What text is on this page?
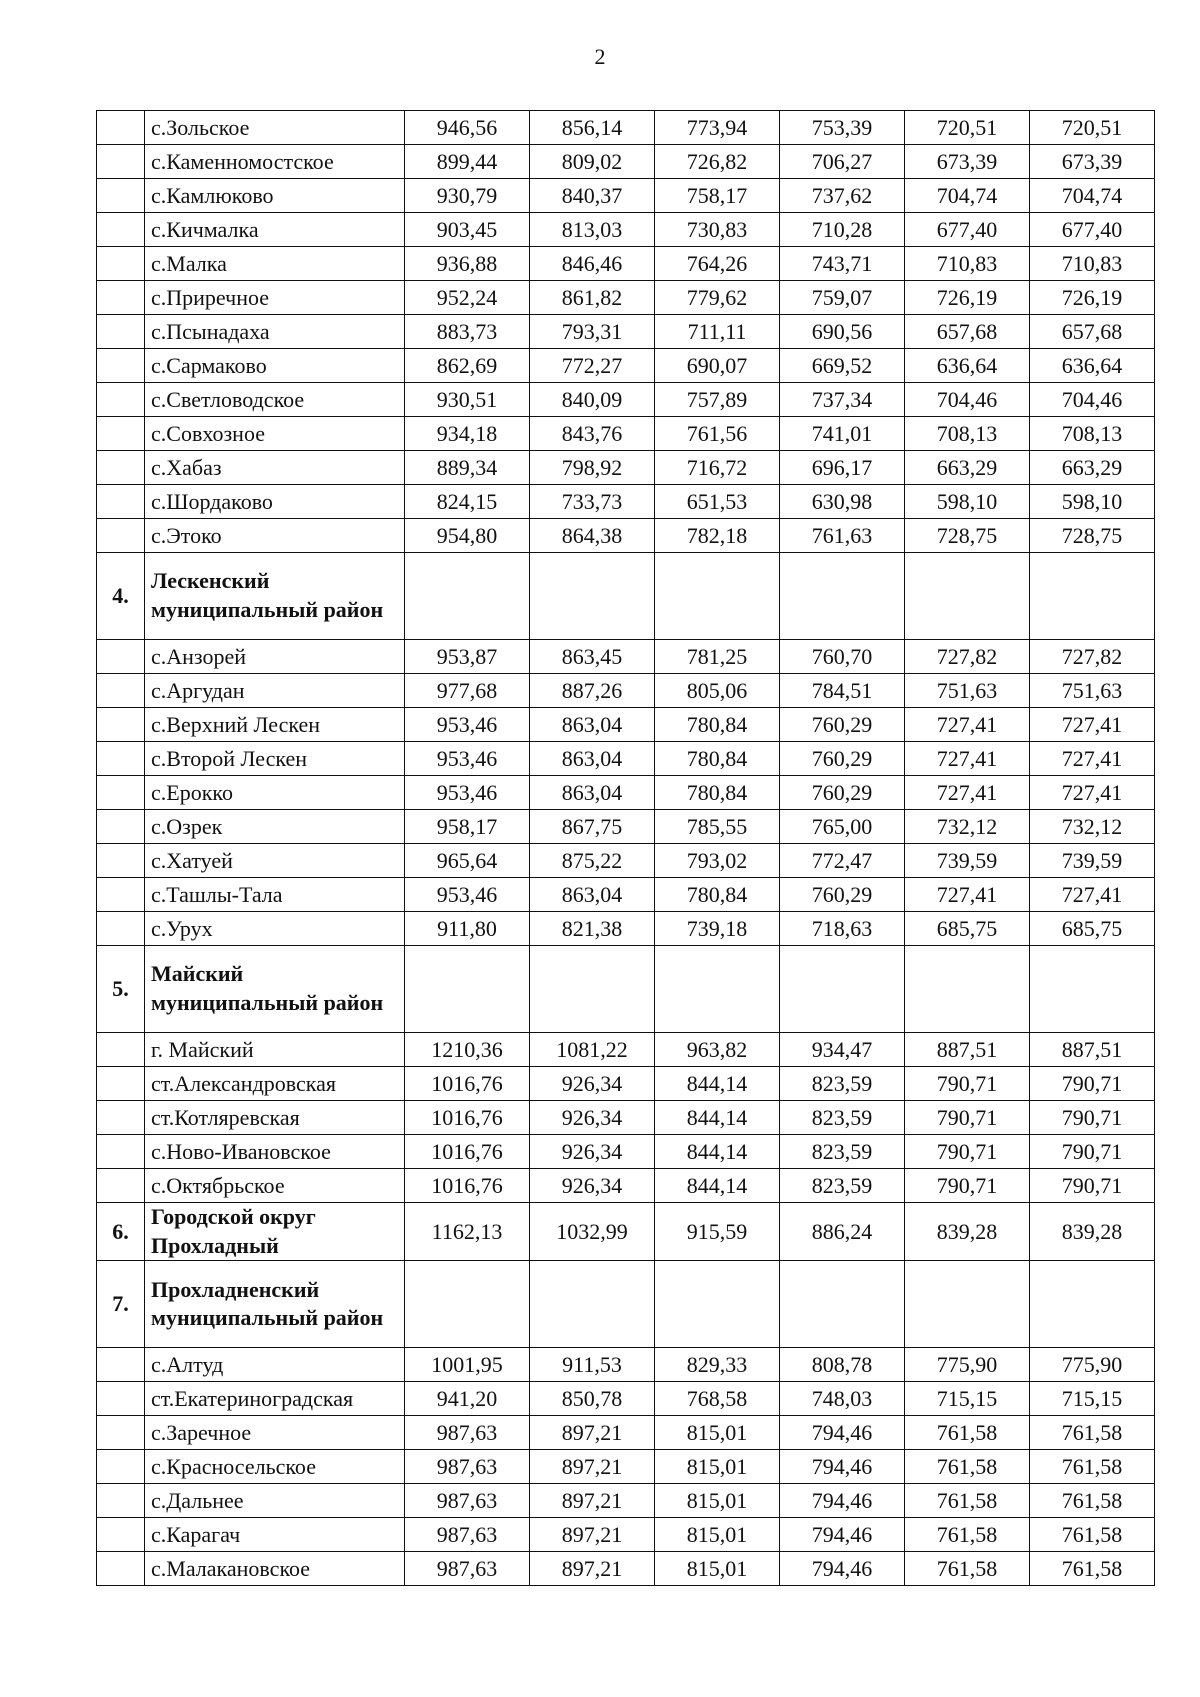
2
	с.Зольское	946,56	856,14	773,94	753,39	720,51	720,51
	с.Каменномостское	899,44	809,02	726,82	706,27	673,39	673,39
	с.Камлюково	930,79	840,37	758,17	737,62	704,74	704,74
	с.Кичмалка	903,45	813,03	730,83	710,28	677,40	677,40
	с.Малка	936,88	846,46	764,26	743,71	710,83	710,83
	с.Приречное	952,24	861,82	779,62	759,07	726,19	726,19
	с.Псынадаха	883,73	793,31	711,11	690,56	657,68	657,68
	с.Сармаково	862,69	772,27	690,07	669,52	636,64	636,64
	с.Светловодское	930,51	840,09	757,89	737,34	704,46	704,46
	с.Совхозное	934,18	843,76	761,56	741,01	708,13	708,13
	с.Хабаз	889,34	798,92	716,72	696,17	663,29	663,29
	с.Шордаково	824,15	733,73	651,53	630,98	598,10	598,10
	с.Этоко	954,80	864,38	782,18	761,63	728,75	728,75
4.	Лескенский муниципальный район						
	с.Анзорей	953,87	863,45	781,25	760,70	727,82	727,82
	с.Аргудан	977,68	887,26	805,06	784,51	751,63	751,63
	с.Верхний Лескен	953,46	863,04	780,84	760,29	727,41	727,41
	с.Второй Лескен	953,46	863,04	780,84	760,29	727,41	727,41
	с.Ерокко	953,46	863,04	780,84	760,29	727,41	727,41
	с.Озрек	958,17	867,75	785,55	765,00	732,12	732,12
	с.Хатуей	965,64	875,22	793,02	772,47	739,59	739,59
	с.Ташлы-Тала	953,46	863,04	780,84	760,29	727,41	727,41
	с.Урух	911,80	821,38	739,18	718,63	685,75	685,75
5.	Майский муниципальный район						
	г. Майский	1210,36	1081,22	963,82	934,47	887,51	887,51
	ст.Александровская	1016,76	926,34	844,14	823,59	790,71	790,71
	ст.Котляревская	1016,76	926,34	844,14	823,59	790,71	790,71
	с.Ново-Ивановское	1016,76	926,34	844,14	823,59	790,71	790,71
	с.Октябрьское	1016,76	926,34	844,14	823,59	790,71	790,71
6.	Городской округ Прохладный	1162,13	1032,99	915,59	886,24	839,28	839,28
7.	Прохладненский муниципальный район						
	с.Алтуд	1001,95	911,53	829,33	808,78	775,90	775,90
	ст.Екатериноградская	941,20	850,78	768,58	748,03	715,15	715,15
	с.Заречное	987,63	897,21	815,01	794,46	761,58	761,58
	с.Красносельское	987,63	897,21	815,01	794,46	761,58	761,58
	с.Дальнее	987,63	897,21	815,01	794,46	761,58	761,58
	с.Карагач	987,63	897,21	815,01	794,46	761,58	761,58
	с.Малакановское	987,63	897,21	815,01	794,46	761,58	761,58
